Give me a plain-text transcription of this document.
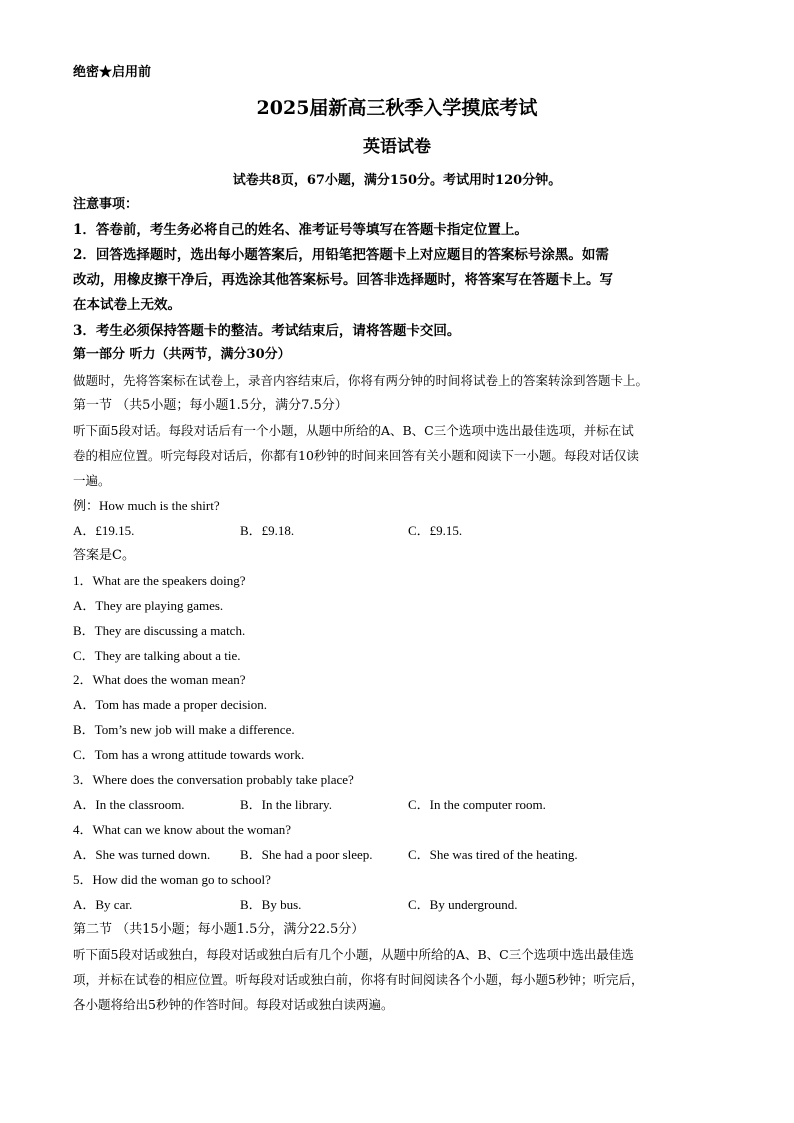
绝密★启用前
2025届新高三秋季入学摸底考试
英语试卷
试卷共8页，67小题，满分150分。考试用时120分钟。
注意事项：
1．答卷前，考生务必将自己的姓名、准考证号等填写在答题卡指定位置上。
2．回答选择题时，选出每小题答案后，用铅笔把答题卡上对应题目的答案标号涂黑。如需
改动，用橡皮擦干净后，再选涂其他答案标号。回答非选择题时，将答案写在答题卡上。写
在本试卷上无效。
3．考生必须保持答题卡的整洁。考试结束后，请将答题卡交回。
第一部分 听力（共两节，满分30分）
做题时，先将答案标在试卷上，录音内容结束后，你将有两分钟的时间将试卷上的答案转涂到答题卡上。
第一节 （共5小题；每小题1.5分，满分7.5分）
听下面5段对话。每段对话后有一个小题，从题中所给的A、B、C三个选项中选出最佳选项，并标在试
卷的相应位置。听完每段对话后，你都有10秒钟的时间来回答有关小题和阅读下一小题。每段对话仅读
一遍。
例：How much is the shirt?
A．£19.15.	B．£9.18.	C．£9.15.
答案是C。
1．What are the speakers doing?
A．They are playing games.
B．They are discussing a match.
C．They are talking about a tie.
2．What does the woman mean?
A．Tom has made a proper decision.
B．Tom’s new job will make a difference.
C．Tom has a wrong attitude towards work.
3．Where does the conversation probably take place?
A．In the classroom.	B．In the library.	C．In the computer room.
4．What can we know about the woman?
A．She was turned down. B．She had a poor sleep.	C．She was tired of the heating.
5．How did the woman go to school?
A．By car.	B．By bus.	C．By underground.
第二节 （共15小题；每小题1.5分，满分22.5分）
听下面5段对话或独白，每段对话或独白后有几个小题，从题中所给的A、B、C三个选项中选出最佳选
项，并标在试卷的相应位置。听每段对话或独白前，你将有时间阅读各个小题，每小题5秒钟；听完后，
各小题将给出5秒钟的作答时间。每段对话或独白读两遍。
